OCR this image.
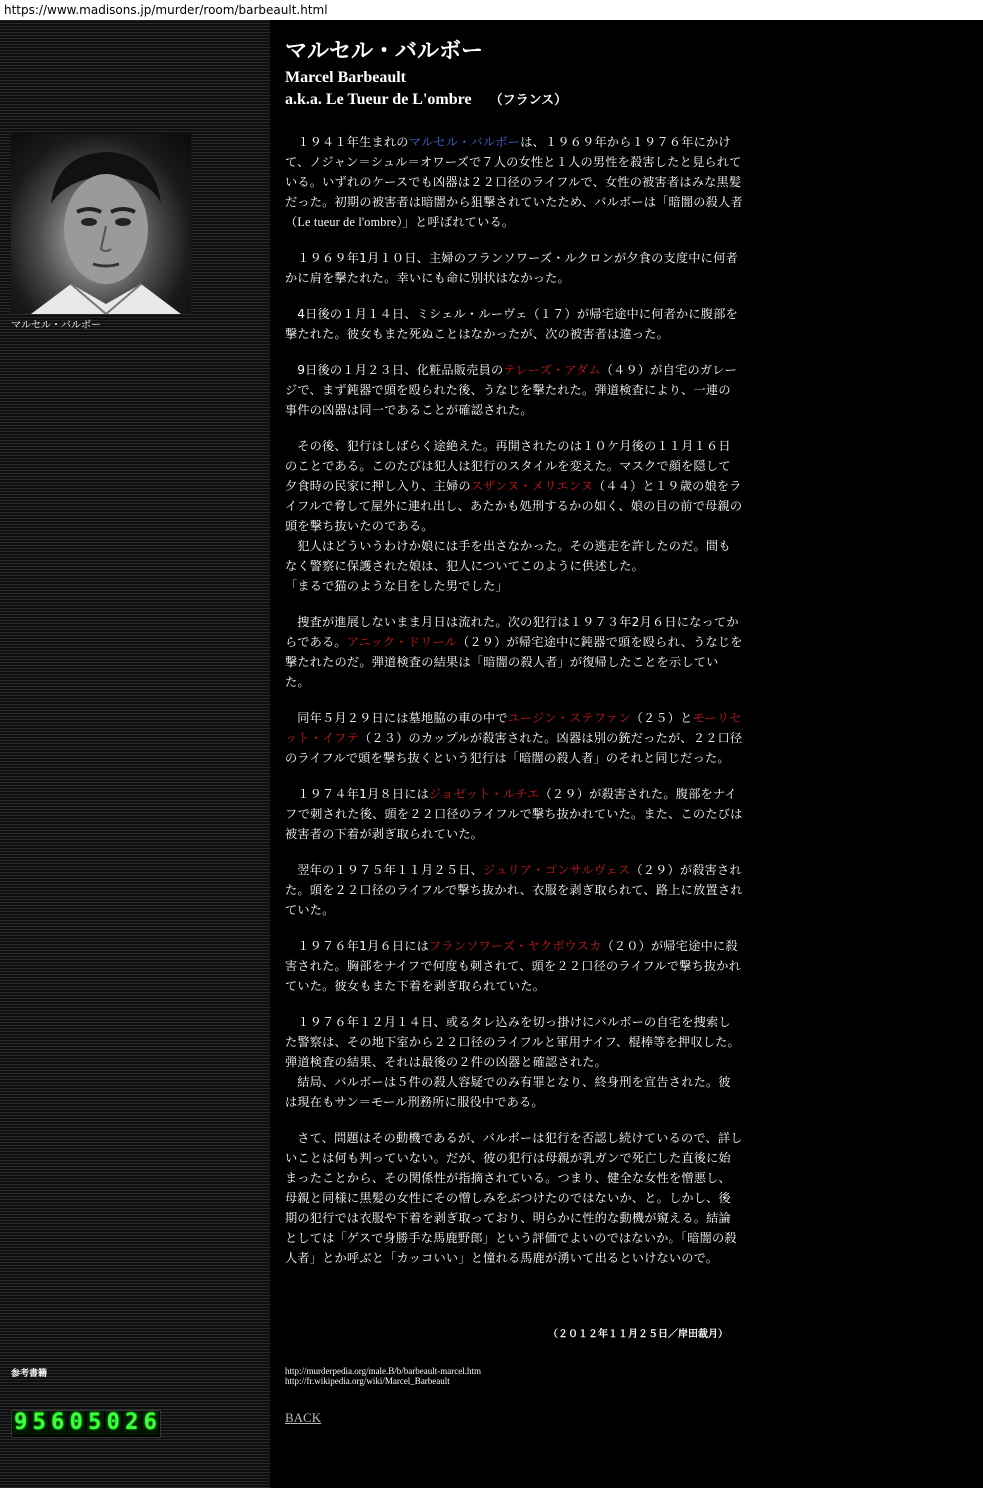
https://www.madisons.jp/murder/room/barbeault.html
マルセル・バルボー
参考書籍
9 5 6 0 5 0 2 6
マルセル・バルボー
Marcel Barbeault
a.k.a. Le Tueur de L'ombre （フランス）

１９４１年生まれのマルセル・バルボーは、１９６９年から１９７６年にかけて、ノジャン＝シュル＝オワーズで７人の女性と１人の男性を殺害したと見られている。いずれのケースでも凶器は２２口径のライフルで、女性の被害者はみな黒髪だった。初期の被害者は暗闇から狙撃されていたため、バルボーは「暗闇の殺人者（Le tueur de l'ombre）」と呼ばれている。

１９６９年1月１０日、主婦のフランソワーズ・ルクロンが夕食の支度中に何者かに肩を撃たれた。幸いにも命に別状はなかった。

4日後の１月１４日、ミシェル・ルーヴェ（１７）が帰宅途中に何者かに腹部を撃たれた。彼女もまた死ぬことはなかったが、次の被害者は違った。

9日後の１月２３日、化粧品販売員のテレーズ・アダム（４９）が自宅のガレージで、まず鈍器で頭を殴られた後、うなじを撃たれた。弾道検査により、一連の事件の凶器は同一であることが確認された。

その後、犯行はしばらく途絶えた。再開されたのは１０ケ月後の１１月１６日のことである。このたびは犯人は犯行のスタイルを変えた。マスクで顔を隠して夕食時の民家に押し入り、主婦のスザンヌ・メリエンヌ（４４）と１９歳の娘をライフルで脅して屋外に連れ出し、あたかも処刑するかの如く、娘の目の前で母親の頭を撃ち抜いたのである。
犯人はどういうわけか娘には手を出さなかった。その逃走を許したのだ。間もなく警察に保護された娘は、犯人についてこのように供述した。
「まるで猫のような目をした男でした」

捜査が進展しないまま月日は流れた。次の犯行は１９７３年2月６日になってからである。アニック・ドリール（２９）が帰宅途中に鈍器で頭を殴られ、うなじを撃たれたのだ。弾道検査の結果は「暗闇の殺人者」が復帰したことを示していた。

同年５月２９日には墓地脇の車の中でユージン・ステファン（２５）とモーリセット・イフテ（２３）のカップルが殺害された。凶器は別の銃だったが、２２口径のライフルで頭を撃ち抜くという犯行は「暗闇の殺人者」のそれと同じだった。

１９７４年1月８日にはジョゼット・ルチエ（２９）が殺害された。腹部をナイフで刺された後、頭を２２口径のライフルで撃ち抜かれていた。また、このたびは被害者の下着が剥ぎ取られていた。

翌年の１９７５年１１月２５日、ジュリア・ゴンサルヴェス（２９）が殺害された。頭を２２口径のライフルで撃ち抜かれ、衣服を剥ぎ取られて、路上に放置されていた。

１９７６年1月６日にはフランソワーズ・ヤクボウスカ（２０）が帰宅途中に殺害された。胸部をナイフで何度も刺されて、頭を２２口径のライフルで撃ち抜かれていた。彼女もまた下着を剥ぎ取られていた。

１９７６年１２月１４日、或るタレ込みを切っ掛けにバルボーの自宅を捜索した警察は、その地下室から２２口径のライフルと軍用ナイフ、棍棒等を押収した。弾道検査の結果、それは最後の２件の凶器と確認された。
結局、バルボーは５件の殺人容疑でのみ有罪となり、終身刑を宣告された。彼は現在もサン＝モール刑務所に服役中である。

さて、問題はその動機であるが、バルボーは犯行を否認し続けているので、詳しいことは何も判っていない。だが、彼の犯行は母親が乳ガンで死亡した直後に始まったことから、その関係性が指摘されている。つまり、健全な女性を憎悪し、母親と同様に黒髪の女性にその憎しみをぶつけたのではないか、と。しかし、後期の犯行では衣服や下着を剥ぎ取っており、明らかに性的な動機が窺える。結論としては「ゲスで身勝手な馬鹿野郎」という評価でよいのではないか。「暗闇の殺人者」とか呼ぶと「カッコいい」と憧れる馬鹿が湧いて出るといけないので。

（２０１２年１１月２５日／岸田裁月）
http://murderpedia.org/male.B/b/barbeault-marcel.htm
http://fr.wikipedia.org/wiki/Marcel_Barbeault
BACK
